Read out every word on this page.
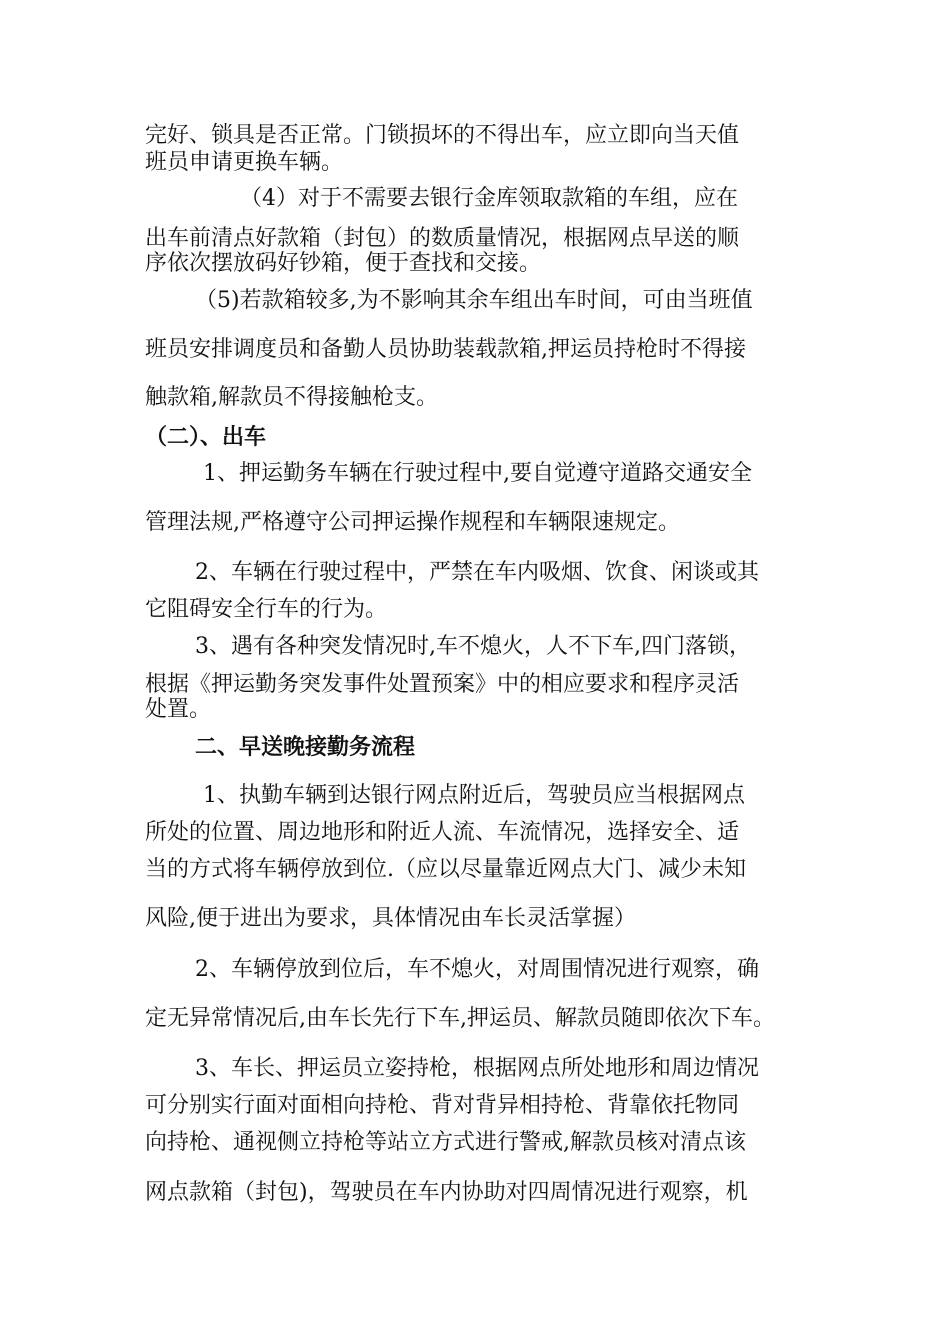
完好、锁具是否正常。门锁损坏的不得出车，应立即向当天值
班员申请更换车辆。
（4）对于不需要去银行金库领取款箱的车组，应在
出车前清点好款箱（封包）的数质量情况，根据网点早送的顺
序依次摆放码好钞箱，便于查找和交接。
（5)若款箱较多,为不影响其余车组出车时间，可由当班值
班员安排调度员和备勤人员协助装载款箱,押运员持枪时不得接
触款箱,解款员不得接触枪支。
（二）、出车
1、押运勤务车辆在行驶过程中,要自觉遵守道路交通安全
管理法规,严格遵守公司押运操作规程和车辆限速规定。
2、车辆在行驶过程中，严禁在车内吸烟、饮食、闲谈或其
它阻碍安全行车的行为。
3、遇有各种突发情况时,车不熄火，人不下车,四门落锁，
根据《押运勤务突发事件处置预案》中的相应要求和程序灵活
处置。
二、早送晚接勤务流程
1、执勤车辆到达银行网点附近后，驾驶员应当根据网点
所处的位置、周边地形和附近人流、车流情况，选择安全、适
当的方式将车辆停放到位.（应以尽量靠近网点大门、减少未知
风险,便于进出为要求，具体情况由车长灵活掌握）
2、车辆停放到位后，车不熄火，对周围情况进行观察，确
定无异常情况后,由车长先行下车,押运员、解款员随即依次下车。
3、车长、押运员立姿持枪，根据网点所处地形和周边情况
可分别实行面对面相向持枪、背对背异相持枪、背靠依托物同
向持枪、通视侧立持枪等站立方式进行警戒,解款员核对清点该
网点款箱（封包)，驾驶员在车内协助对四周情况进行观察，机
